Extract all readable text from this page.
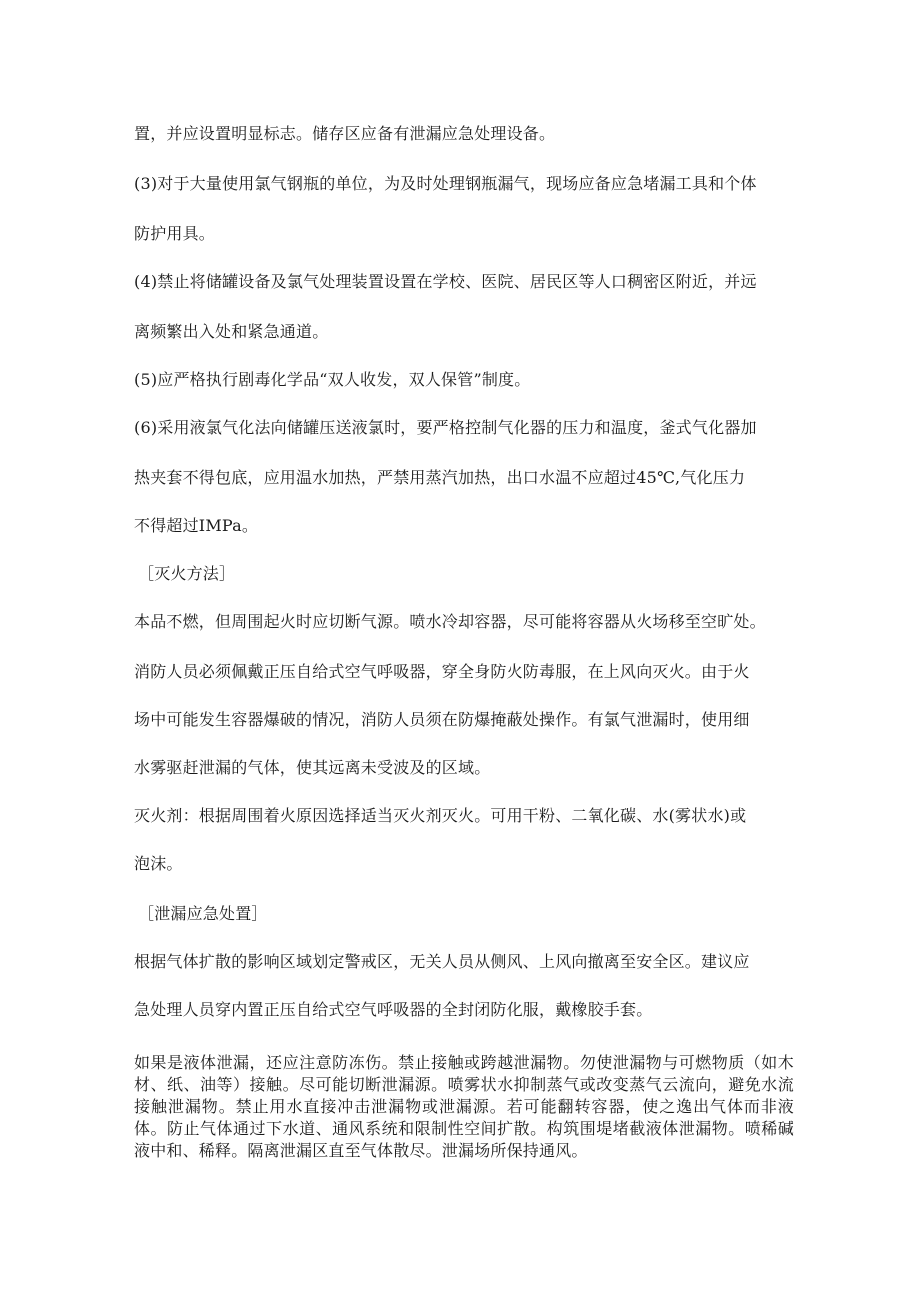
置，并应设置明显标志。储存区应备有泄漏应急处理设备。

(3)对于大量使用氯气钢瓶的单位，为及时处理钢瓶漏气，现场应备应急堵漏工具和个体

防护用具。

(4)禁止将储罐设备及氯气处理装置设置在学校、医院、居民区等人口稠密区附近，并远

离频繁出入处和紧急通道。

(5)应严格执行剧毒化学品“双人收发，双人保管”制度。

(6)采用液氯气化法向储罐压送液氯时，要严格控制气化器的压力和温度，釜式气化器加

热夹套不得包底，应用温水加热，严禁用蒸汽加热，出口水温不应超过45℃,气化压力

不得超过IMPa。

［灭火方法］

本品不燃，但周围起火时应切断气源。喷水冷却容器，尽可能将容器从火场移至空旷处。

消防人员必须佩戴正压自给式空气呼吸器，穿全身防火防毒服，在上风向灭火。由于火

场中可能发生容器爆破的情况，消防人员须在防爆掩蔽处操作。有氯气泄漏时，使用细

水雾驱赶泄漏的气体，使其远离未受波及的区域。

灭火剂：根据周围着火原因选择适当灭火剂灭火。可用干粉、二氧化碳、水(雾状水)或

泡沫。

［泄漏应急处置］

根据气体扩散的影响区域划定警戒区，无关人员从侧风、上风向撤离至安全区。建议应

急处理人员穿内置正压自给式空气呼吸器的全封闭防化服，戴橡胶手套。

如果是液体泄漏，还应注意防冻伤。禁止接触或跨越泄漏物。勿使泄漏物与可燃物质（如木材、纸、油等）接触。尽可能切断泄漏源。喷雾状水抑制蒸气或改变蒸气云流向，避免水流接触泄漏物。禁止用水直接冲击泄漏物或泄漏源。若可能翻转容器，使之逸出气体而非液体。防止气体通过下水道、通风系统和限制性空间扩散。构筑围堤堵截液体泄漏物。喷稀碱液中和、稀释。隔离泄漏区直至气体散尽。泄漏场所保持通风。
